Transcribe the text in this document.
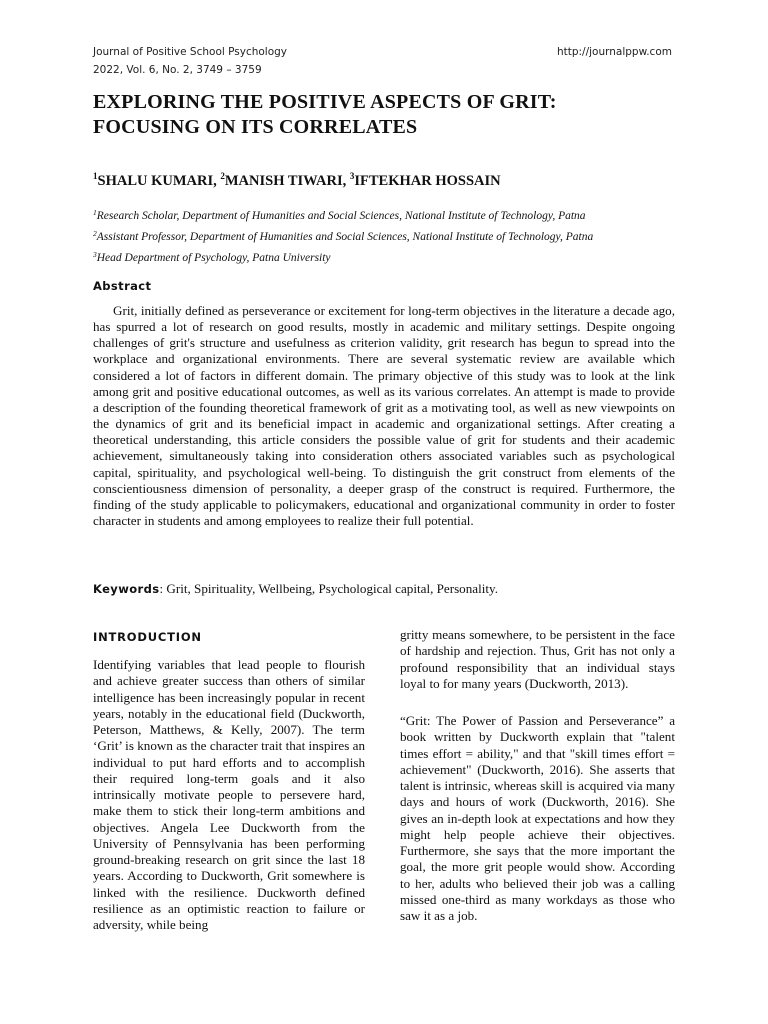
Journal of Positive School Psychology
2022, Vol. 6, No. 2, 3749 – 3759
http://journalppw.com
EXPLORING THE POSITIVE ASPECTS OF GRIT:
FOCUSING ON ITS CORRELATES
$^1$SHALU KUMARI, $^2$MANISH TIWARI, $^3$IFTEKHAR HOSSAIN
$^1$Research Scholar, Department of Humanities and Social Sciences, National Institute of Technology, Patna
$^2$Assistant Professor, Department of Humanities and Social Sciences, National Institute of Technology, Patna
$^3$Head Department of Psychology, Patna University
Abstract

Grit, initially defined as perseverance or excitement for long-term objectives in the literature a decade ago, has spurred a lot of research on good results, mostly in academic and military settings. Despite ongoing challenges of grit's structure and usefulness as criterion validity, grit research has begun to spread into the workplace and organizational environments. There are several systematic review are available which considered a lot of factors in different domain. The primary objective of this study was to look at the link among grit and positive educational outcomes, as well as its various correlates. An attempt is made to provide a description of the founding theoretical framework of grit as a motivating tool, as well as new viewpoints on the dynamics of grit and its beneficial impact in academic and organizational settings. After creating a theoretical understanding, this article considers the possible value of grit for students and their academic achievement, simultaneously taking into consideration others associated variables such as psychological capital, spirituality, and psychological well-being. To distinguish the grit construct from elements of the conscientiousness dimension of personality, a deeper grasp of the construct is required. Furthermore, the finding of the study applicable to policymakers, educational and organizational community in order to foster character in students and among employees to realize their full potential.

Keywords: Grit, Spirituality, Wellbeing, Psychological capital, Personality.
INTRODUCTION

Identifying variables that lead people to flourish and achieve greater success than others of similar intelligence has been increasingly popular in recent years, notably in the educational field (Duckworth, Peterson, Matthews, & Kelly, 2007). The term ‘Grit’ is known as the character trait that inspires an individual to put hard efforts and to accomplish their required long-term goals and it also intrinsically motivate people to persevere hard, make them to stick their long-term ambitions and objectives. Angela Lee Duckworth from the University of Pennsylvania has been performing ground-breaking research on grit since the last 18 years. According to Duckworth, Grit somewhere is linked with the resilience. Duckworth defined resilience as an optimistic reaction to failure or adversity, while being

gritty means somewhere, to be persistent in the face of hardship and rejection. Thus, Grit has not only a profound responsibility that an individual stays loyal to for many years (Duckworth, 2013).

“Grit: The Power of Passion and Perseverance” a book written by Duckworth explain that "talent times effort = ability," and that "skill times effort = achievement" (Duckworth, 2016). She asserts that talent is intrinsic, whereas skill is acquired via many days and hours of work (Duckworth, 2016). She gives an in-depth look at expectations and how they might help people achieve their objectives. Furthermore, she says that the more important the goal, the more grit people would show. According to her, adults who believed their job was a calling missed one-third as many workdays as those who saw it as a job.
